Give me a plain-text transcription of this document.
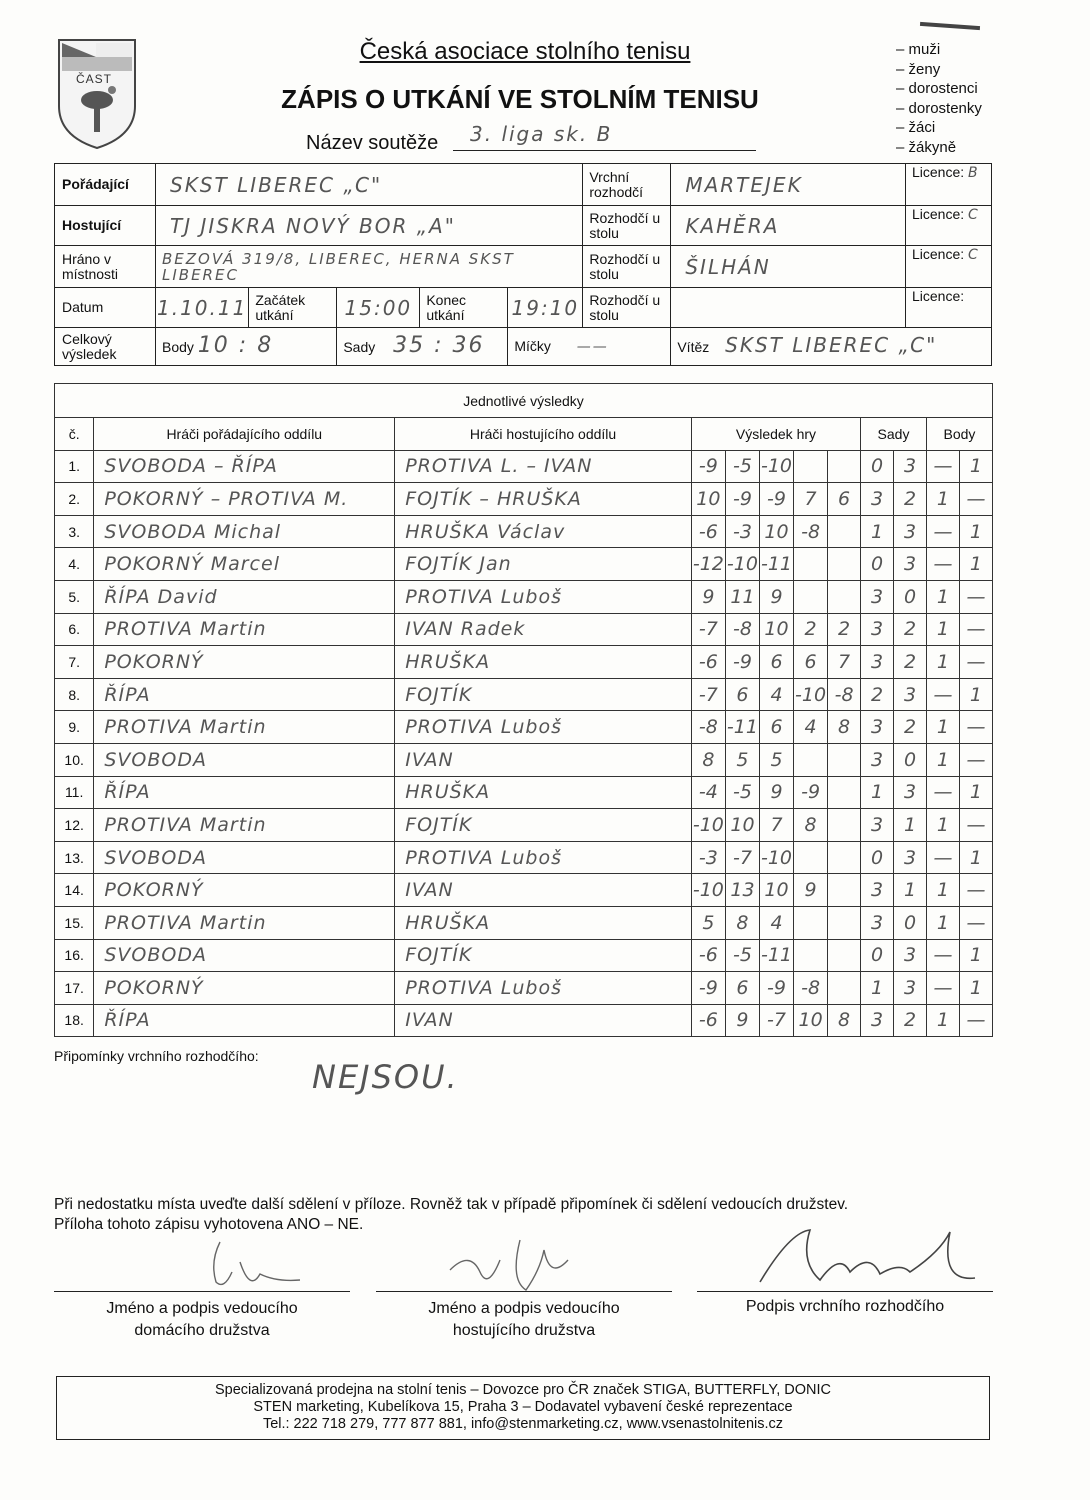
ČAST
Česká asociace stolního tenisu
ZÁPIS O UTKÁNÍ VE STOLNÍM TENISU
Název soutěže 3. liga sk. B
– muži
– ženy
– dorostenci
– dorostenky
– žáci
– žákyně
Pořádající	SKST LIBEREC „C"					Vrchní rozhodčí	MARTEJEK	Licence: B
Hostující	TJ JISKRA NOVÝ BOR „A"					Rozhodčí u stolu	KAHĚRA	Licence: C
Hráno v místnosti	BEZOVÁ 319/8, LIBEREC, HERNA SKST LIBEREC					Rozhodčí u stolu	ŠILHÁN	Licence: C
Datum	1.10.11	Začátek utkání	15:00	Konec utkání	19:10	Rozhodčí u stolu		Licence:
Celkový výsledek	Body 10 : 8		Sady 35 : 36		Míčky ——		Vítěz SKST LIBEREC „C"	
Jednotlivé výsledky											
č.	Hráči pořádajícího oddílu	Hráči hostujícího oddílu	Výsledek hry					Sady		Body	
1.	SVOBODA – ŘÍPA	PROTIVA L. – IVAN	-9	-5	-10			0	3	—	1
2.	POKORNÝ – PROTIVA M.	FOJTÍK – HRUŠKA	10	-9	-9	7	6	3	2	1	—
3.	SVOBODA Michal	HRUŠKA Václav	-6	-3	10	-8		1	3	—	1
4.	POKORNÝ Marcel	FOJTÍK Jan	-12	-10	-11			0	3	—	1
5.	ŘÍPA David	PROTIVA Luboš	9	11	9			3	0	1	—
6.	PROTIVA Martin	IVAN Radek	-7	-8	10	2	2	3	2	1	—
7.	POKORNÝ	HRUŠKA	-6	-9	6	6	7	3	2	1	—
8.	ŘÍPA	FOJTÍK	-7	6	4	-10	-8	2	3	—	1
9.	PROTIVA Martin	PROTIVA Luboš	-8	-11	6	4	8	3	2	1	—
10.	SVOBODA	IVAN	8	5	5			3	0	1	—
11.	ŘÍPA	HRUŠKA	-4	-5	9	-9		1	3	—	1
12.	PROTIVA Martin	FOJTÍK	-10	10	7	8		3	1	1	—
13.	SVOBODA	PROTIVA Luboš	-3	-7	-10			0	3	—	1
14.	POKORNÝ	IVAN	-10	13	10	9		3	1	1	—
15.	PROTIVA Martin	HRUŠKA	5	8	4			3	0	1	—
16.	SVOBODA	FOJTÍK	-6	-5	-11			0	3	—	1
17.	POKORNÝ	PROTIVA Luboš	-9	6	-9	-8		1	3	—	1
18.	ŘÍPA	IVAN	-6	9	-7	10	8	3	2	1	—
Připomínky vrchního rozhodčího:
NEJSOU.
Při nedostatku místa uveďte další sdělení v příloze. Rovněž tak v případě připomínek či sdělení vedoucích družstev.
Příloha tohoto zápisu vyhotovena ANO – NE.
Jméno a podpis vedoucího
domácího družstva
Jméno a podpis vedoucího
hostujícího družstva
Podpis vrchního rozhodčího
Specializovaná prodejna na stolní tenis – Dovozce pro ČR značek STIGA, BUTTERFLY, DONIC
STEN marketing, Kubelíkova 15, Praha 3 – Dodavatel vybavení české reprezentace
Tel.: 222 718 279, 777 877 881, info@stenmarketing.cz, www.vsenastolnitenis.cz
